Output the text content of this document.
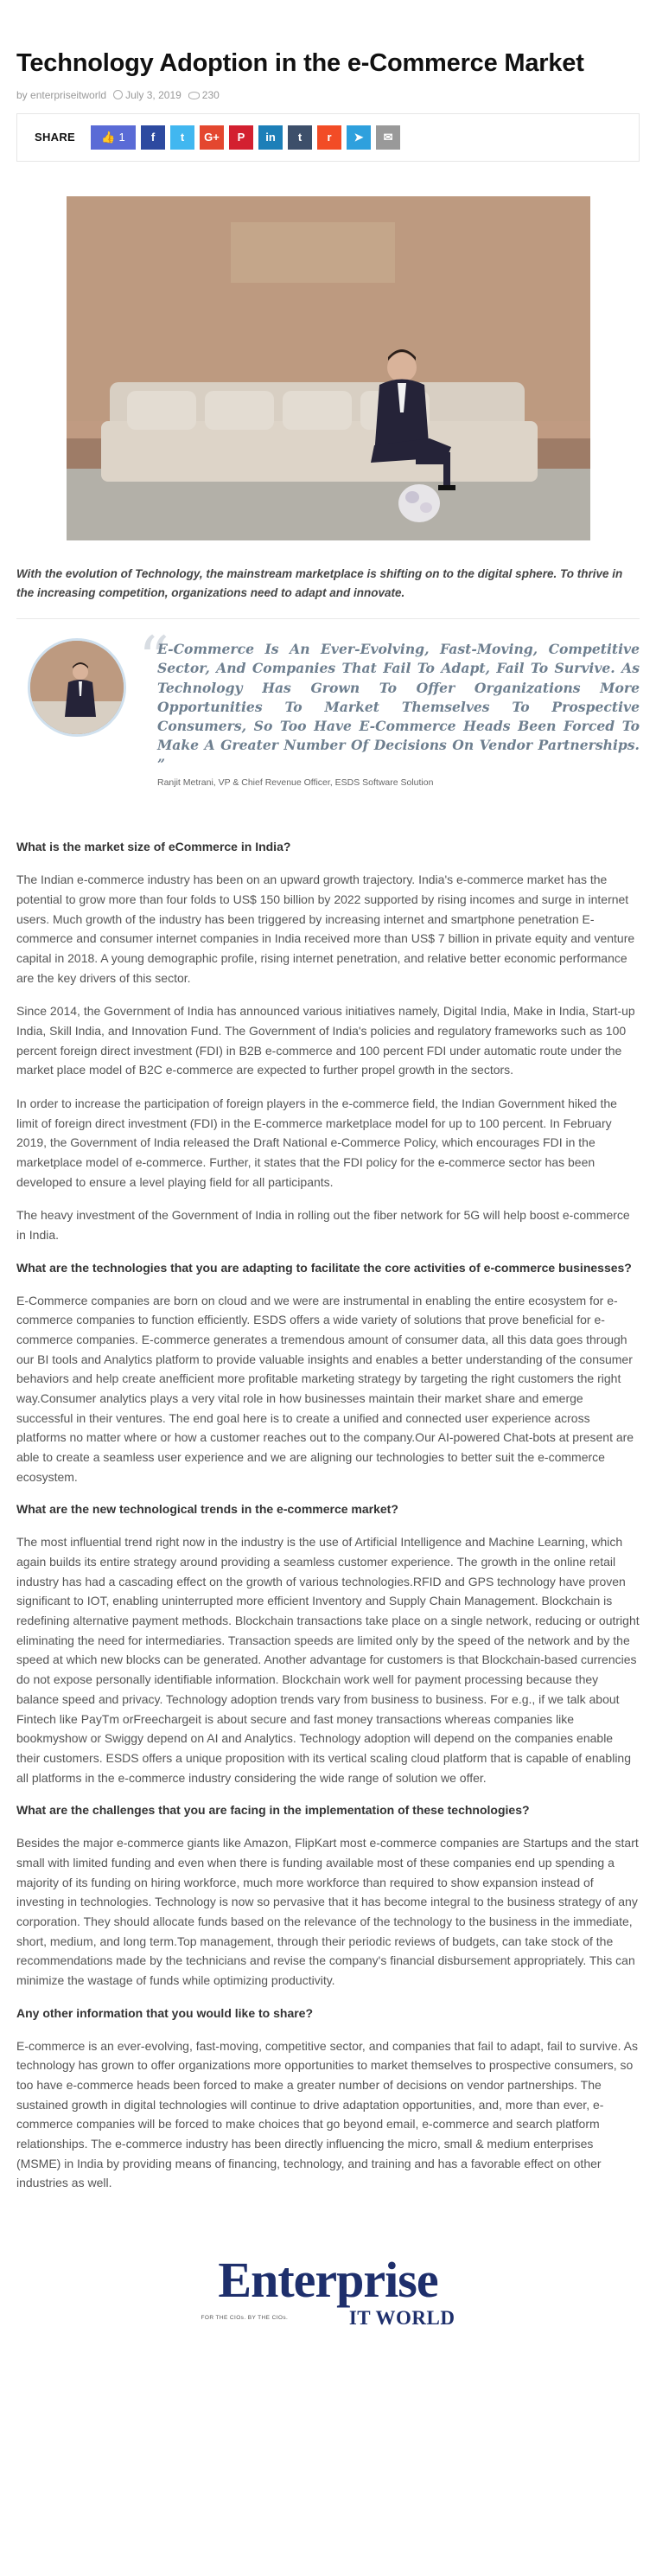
Technology Adoption in the e-Commerce Market
by enterpriseitworld	July 3, 2019	230
SHARE 👍 1 f t G+ P in t r ➤ ✉

With the evolution of Technology, the mainstream marketplace is shifting on to the digital sphere. To thrive in the increasing competition, organizations need to adapt and innovate.

“

E-Commerce Is An Ever-Evolving, Fast-Moving, Competitive Sector, And Companies That Fail To Adapt, Fail To Survive. As Technology Has Grown To Offer Organizations More Opportunities To Market Themselves To Prospective Consumers, So Too Have E-Commerce Heads Been Forced To Make A Greater Number Of Decisions On Vendor Partnerships. ”

Ranjit Metrani, VP & Chief Revenue Officer, ESDS Software Solution

What is the market size of eCommerce in India?

The Indian e-commerce industry has been on an upward growth trajectory. India's e-commerce market has the potential to grow more than four folds to US$ 150 billion by 2022 supported by rising incomes and surge in internet users. Much growth of the industry has been triggered by increasing internet and smartphone penetration E-commerce and consumer internet companies in India received more than US$ 7 billion in private equity and venture capital in 2018. A young demographic profile, rising internet penetration, and relative better economic performance are the key drivers of this sector.

Since 2014, the Government of India has announced various initiatives namely, Digital India, Make in India, Start-up India, Skill India, and Innovation Fund. The Government of India's policies and regulatory frameworks such as 100 percent foreign direct investment (FDI) in B2B e-commerce and 100 percent FDI under automatic route under the market place model of B2C e-commerce are expected to further propel growth in the sectors.

In order to increase the participation of foreign players in the e-commerce field, the Indian Government hiked the limit of foreign direct investment (FDI) in the E-commerce marketplace model for up to 100 percent. In February 2019, the Government of India released the Draft National e-Commerce Policy, which encourages FDI in the marketplace model of e-commerce. Further, it states that the FDI policy for the e-commerce sector has been developed to ensure a level playing field for all participants.

The heavy investment of the Government of India in rolling out the fiber network for 5G will help boost e-commerce in India.

What are the technologies that you are adapting to facilitate the core activities of e-commerce businesses?

E-Commerce companies are born on cloud and we were are instrumental in enabling the entire ecosystem for e-commerce companies to function efficiently. ESDS offers a wide variety of solutions that prove beneficial for e-commerce companies. E-commerce generates a tremendous amount of consumer data, all this data goes through our BI tools and Analytics platform to provide valuable insights and enables a better understanding of the consumer behaviors and help create anefficient more profitable marketing strategy by targeting the right customers the right way.Consumer analytics plays a very vital role in how businesses maintain their market share and emerge successful in their ventures. The end goal here is to create a unified and connected user experience across platforms no matter where or how a customer reaches out to the company.Our AI-powered Chat-bots at present are able to create a seamless user experience and we are aligning our technologies to better suit the e-commerce ecosystem.

What are the new technological trends in the e-commerce market?

The most influential trend right now in the industry is the use of Artificial Intelligence and Machine Learning, which again builds its entire strategy around providing a seamless customer experience. The growth in the online retail industry has had a cascading effect on the growth of various technologies.RFID and GPS technology have proven significant to IOT, enabling uninterrupted more efficient Inventory and Supply Chain Management. Blockchain is redefining alternative payment methods. Blockchain transactions take place on a single network, reducing or outright eliminating the need for intermediaries. Transaction speeds are limited only by the speed of the network and by the speed at which new blocks can be generated. Another advantage for customers is that Blockchain-based currencies do not expose personally identifiable information. Blockchain work well for payment processing because they balance speed and privacy. Technology adoption trends vary from business to business. For e.g., if we talk about Fintech like PayTm orFreechargeit is about secure and fast money transactions whereas companies like bookmyshow or Swiggy depend on AI and Analytics. Technology adoption will depend on the companies enable their customers. ESDS offers a unique proposition with its vertical scaling cloud platform that is capable of enabling all platforms in the e-commerce industry considering the wide range of solution we offer.

What are the challenges that you are facing in the implementation of these technologies?

Besides the major e-commerce giants like Amazon, FlipKart most e-commerce companies are Startups and the start small with limited funding and even when there is funding available most of these companies end up spending a majority of its funding on hiring workforce, much more workforce than required to show expansion instead of investing in technologies. Technology is now so pervasive that it has become integral to the business strategy of any corporation. They should allocate funds based on the relevance of the technology to the business in the immediate, short, medium, and long term.Top management, through their periodic reviews of budgets, can take stock of the recommendations made by the technicians and revise the company's financial disbursement appropriately. This can minimize the wastage of funds while optimizing productivity.

Any other information that you would like to share?

E-commerce is an ever-evolving, fast-moving, competitive sector, and companies that fail to adapt, fail to survive. As technology has grown to offer organizations more opportunities to market themselves to prospective consumers, so too have e-commerce heads been forced to make a greater number of decisions on vendor partnerships. The sustained growth in digital technologies will continue to drive adaptation opportunities, and, more than ever, e-commerce companies will be forced to make choices that go beyond email, e-commerce and search platform relationships. The e-commerce industry has been directly influencing the micro, small & medium enterprises (MSME) in India by providing means of financing, technology, and training and has a favorable effect on other industries as well.

Enterprise
FOR THE CIOs. BY THE CIOs.	IT WORLD
